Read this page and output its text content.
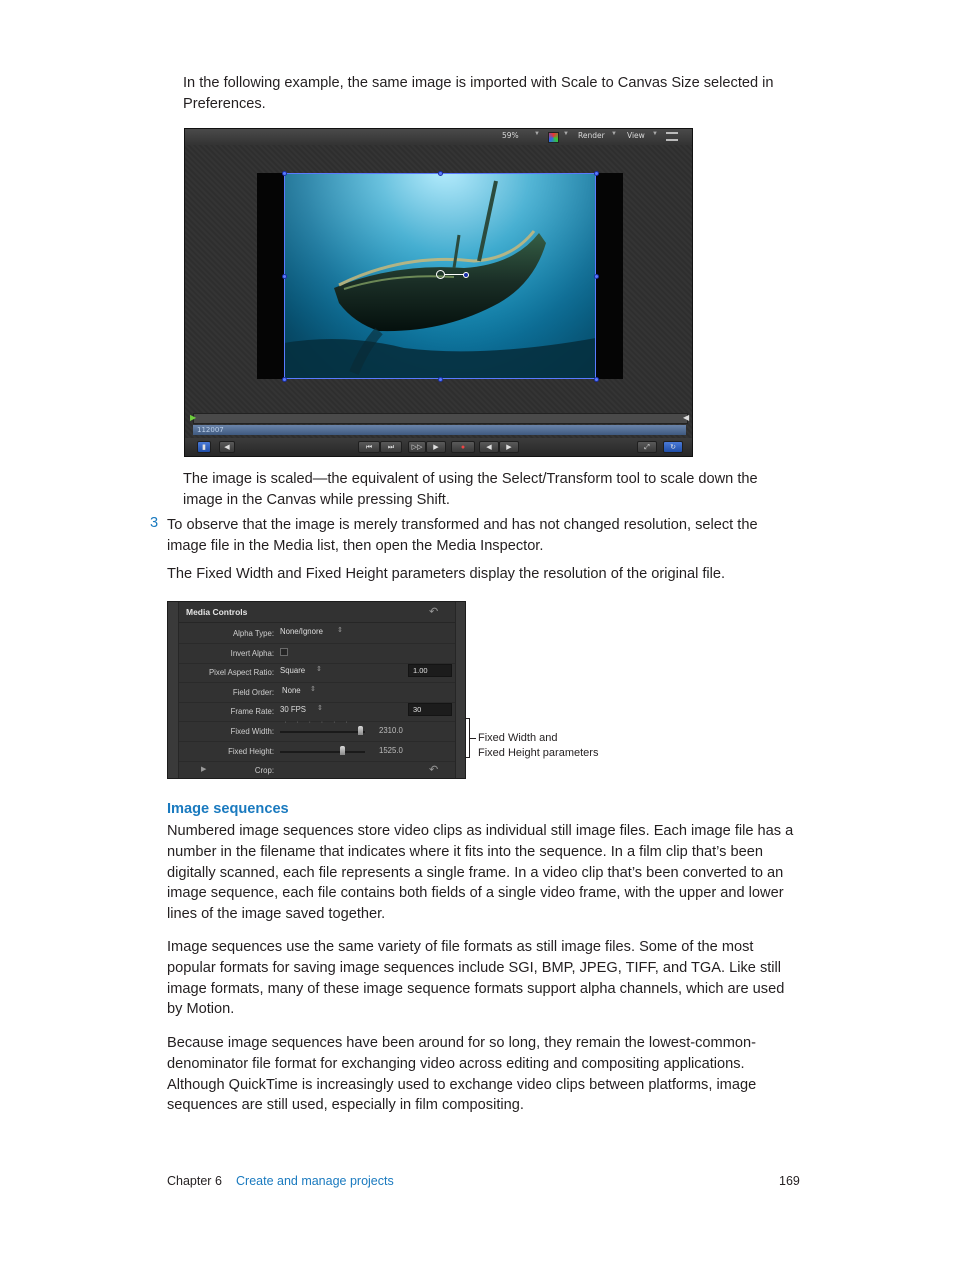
In the following example, the same image is imported with Scale to Canvas Size selected in Preferences.
59%	▼	▼ Render ▼ View ▼
▶	◀
112007
▮	◀	⏮	⏭	▷▷	▶	●	◀	▶	⤢	↻
The image is scaled—the equivalent of using the Select/Transform tool to scale down the image in the Canvas while pressing Shift.
3 To observe that the image is merely transformed and has not changed resolution, select the image file in the Media list, then open the Media Inspector.
The Fixed Width and Fixed Height parameters display the resolution of the original file.
Media Controls	↶
Alpha Type: None/Ignore ⇕
Invert Alpha:
Pixel Aspect Ratio: Square ⇕	1.00
Field Order: None ⇕
Frame Rate: 30 FPS ⇕	30
Fixed Width:
''''''
2310.0
Fixed Height:	1525.0
▶	Crop:	↶
Fixed Width and
Fixed Height parameters
Image sequences
Numbered image sequences store video clips as individual still image files. Each image file has a number in the filename that indicates where it fits into the sequence. In a film clip that’s been digitally scanned, each file represents a single frame. In a video clip that’s been converted to an image sequence, each file contains both fields of a single video frame, with the upper and lower lines of the image saved together.
Image sequences use the same variety of file formats as still image files. Some of the most popular formats for saving image sequences include SGI, BMP, JPEG, TIFF, and TGA. Like still image formats, many of these image sequence formats support alpha channels, which are used by Motion.
Because image sequences have been around for so long, they remain the lowest-common-denominator file format for exchanging video across editing and compositing applications. Although QuickTime is increasingly used to exchange video clips between platforms, image sequences are still used, especially in film compositing.
Chapter 6 Create and manage projects	169
